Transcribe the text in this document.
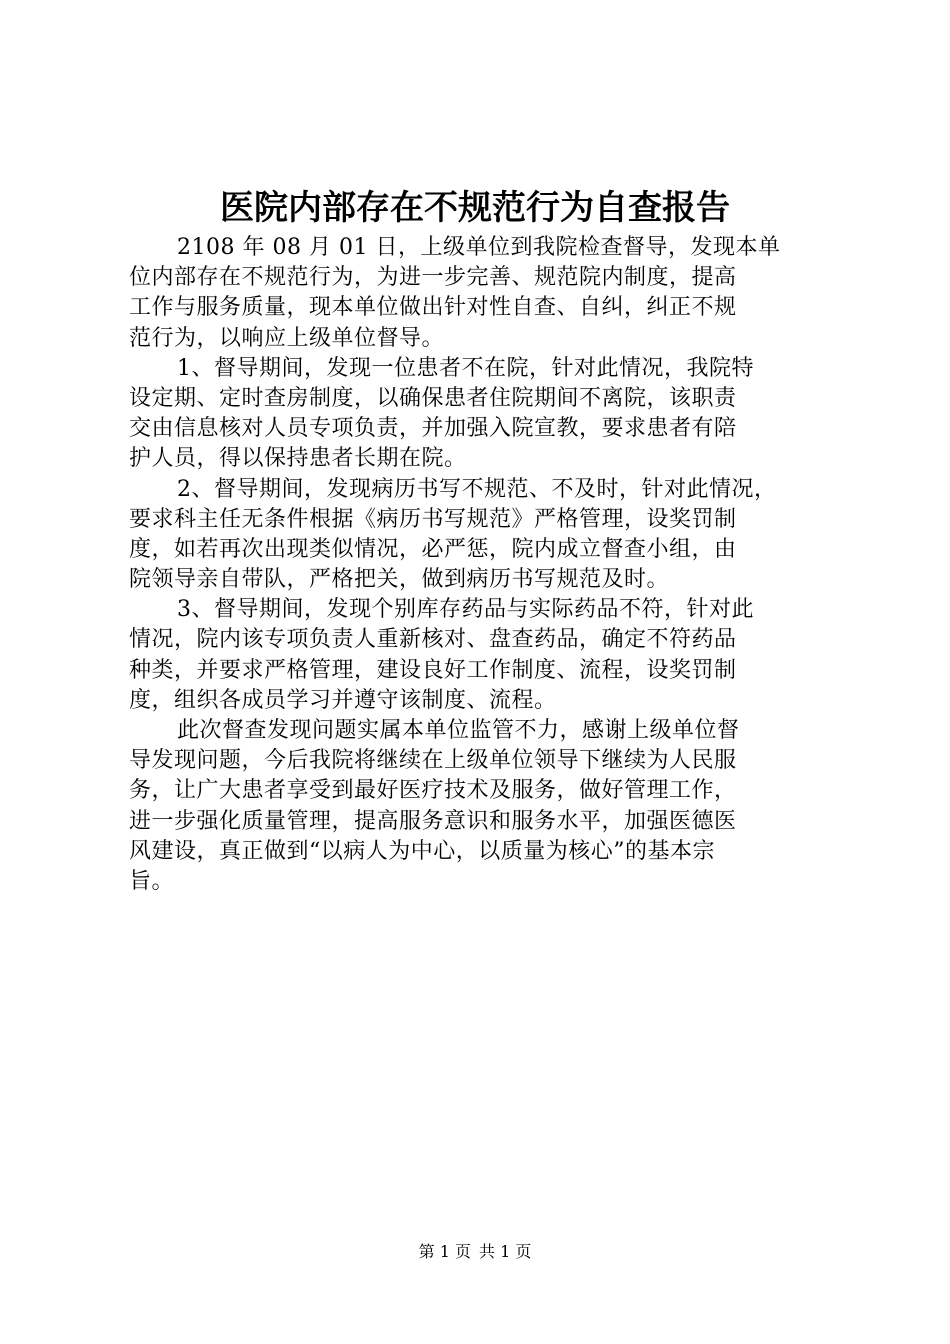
医院内部存在不规范行为自查报告
2108 年 08 月 01 日，上级单位到我院检查督导，发现本单
位内部存在不规范行为，为进一步完善、规范院内制度，提高
工作与服务质量，现本单位做出针对性自查、自纠，纠正不规
范行为，以响应上级单位督导。
1、督导期间，发现一位患者不在院，针对此情况，我院特
设定期、定时查房制度，以确保患者住院期间不离院，该职责
交由信息核对人员专项负责，并加强入院宣教，要求患者有陪
护人员，得以保持患者长期在院。
2、督导期间，发现病历书写不规范、不及时，针对此情况，
要求科主任无条件根据《病历书写规范》严格管理，设奖罚制
度，如若再次出现类似情况，必严惩，院内成立督查小组，由
院领导亲自带队，严格把关，做到病历书写规范及时。
3、督导期间，发现个别库存药品与实际药品不符，针对此
情况，院内该专项负责人重新核对、盘查药品，确定不符药品
种类，并要求严格管理，建设良好工作制度、流程，设奖罚制
度，组织各成员学习并遵守该制度、流程。
此次督查发现问题实属本单位监管不力，感谢上级单位督
导发现问题，今后我院将继续在上级单位领导下继续为人民服
务，让广大患者享受到最好医疗技术及服务，做好管理工作，
进一步强化质量管理，提高服务意识和服务水平，加强医德医
风建设，真正做到“以病人为中心，以质量为核心”的基本宗
旨。
第 1 页 共 1 页
